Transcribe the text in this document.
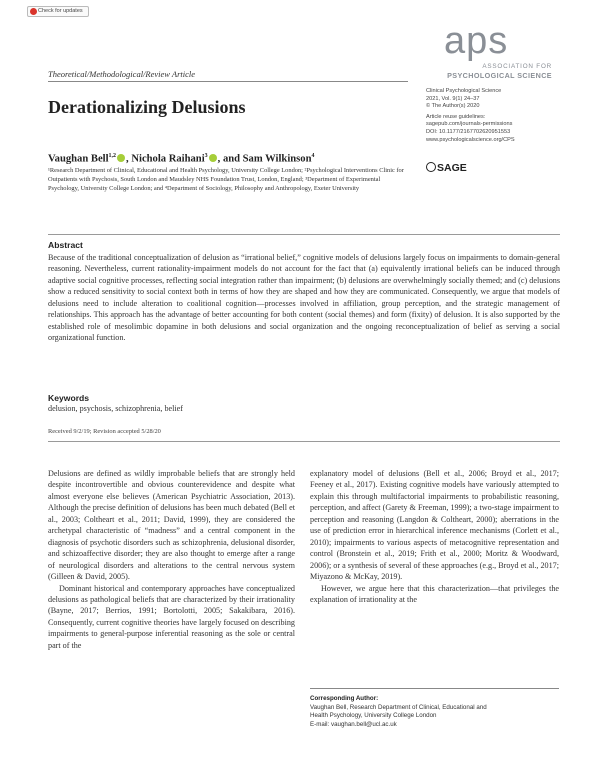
Check for updates
aps
ASSOCIATION FOR
PSYCHOLOGICAL SCIENCE
Theoretical/Methodological/Review Article
Clinical Psychological Science
2021, Vol. 9(1) 24–37
© The Author(s) 2020
Article reuse guidelines:
sagepub.com/journals-permissions
DOI: 10.1177/2167702620951553
www.psychologicalscience.org/CPS
SAGE
Derationalizing Delusions
Vaughan Bell$^{1,2}$ , Nichola Raihani$^3$ , and Sam Wilkinson$^4$
¹Research Department of Clinical, Educational and Health Psychology, University College London; ²Psychological Interventions Clinic for Outpatients with Psychosis, South London and Maudsley NHS Foundation Trust, London, England; ³Department of Experimental Psychology, University College London; and ⁴Department of Sociology, Philosophy and Anthropology, Exeter University
Abstract
Because of the traditional conceptualization of delusion as “irrational belief,” cognitive models of delusions largely focus on impairments to domain-general reasoning. Nevertheless, current rationality-impairment models do not account for the fact that (a) equivalently irrational beliefs can be induced through adaptive social cognitive processes, reflecting social integration rather than impairment; (b) delusions are overwhelmingly socially themed; and (c) delusions show a reduced sensitivity to social context both in terms of how they are shaped and how they are communicated. Consequently, we argue that models of delusions need to include alteration to coalitional cognition—processes involved in affiliation, group perception, and the strategic management of relationships. This approach has the advantage of better accounting for both content (social themes) and form (fixity) of delusion. It is also supported by the established role of mesolimbic dopamine in both delusions and social organization and the ongoing reconceptualization of belief as serving a social organizational function.
Keywords
delusion, psychosis, schizophrenia, belief
Received 9/2/19; Revision accepted 5/28/20

Delusions are defined as wildly improbable beliefs that are strongly held despite incontrovertible and obvious counterevidence and despite what almost everyone else believes (American Psychiatric Association, 2013). Although the precise definition of delusions has been much debated (Bell et al., 2003; Coltheart et al., 2011; David, 1999), they are considered the archetypal characteristic of “madness” and a central component in the diagnosis of psychotic disorders such as schizophrenia, delusional disorder, and schizoaffective disorder; they are also thought to emerge after a range of neurological disorders and alterations to the central nervous system (Gilleen & David, 2005).

Dominant historical and contemporary approaches have conceptualized delusions as pathological beliefs that are characterized by their irrationality (Bayne, 2017; Berrios, 1991; Bortolotti, 2005; Sakakibara, 2016). Consequently, current cognitive theories have largely focused on describing impairments to general-purpose inferential reasoning as the sole or central part of the

explanatory model of delusions (Bell et al., 2006; Broyd et al., 2017; Feeney et al., 2017). Existing cognitive models have variously attempted to explain this through multifactorial impairments to probabilistic reasoning, perception, and affect (Garety & Freeman, 1999); a two-stage impairment to perception and reasoning (Langdon & Coltheart, 2000); aberrations in the use of prediction error in hierarchical inference mechanisms (Corlett et al., 2010); impairments to various aspects of metacognitive representation and control (Bronstein et al., 2019; Frith et al., 2000; Moritz & Woodward, 2006); or a synthesis of several of these approaches (e.g., Broyd et al., 2017; Miyazono & McKay, 2019).

However, we argue here that this characterization—that privileges the explanation of irrationality at the

Corresponding Author:
Vaughan Bell, Research Department of Clinical, Educational and
Health Psychology, University College London
E-mail: vaughan.bell@ucl.ac.uk
